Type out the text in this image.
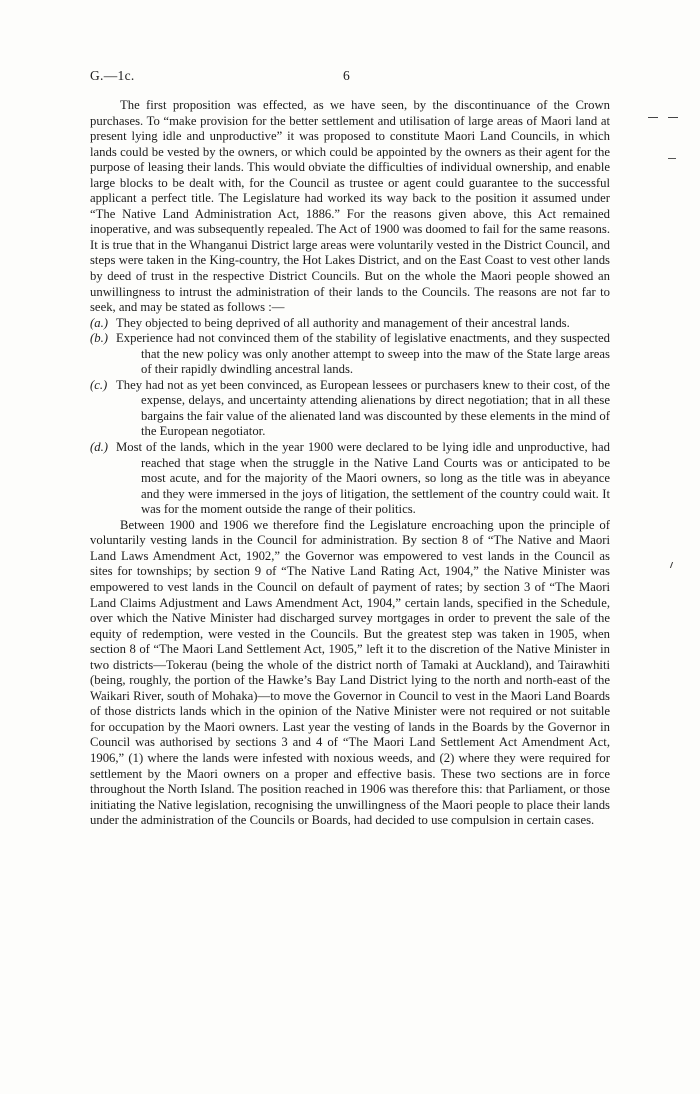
G.—1c.	6

The first proposition was effected, as we have seen, by the discontinuance of the Crown purchases. To “make provision for the better settlement and utilisation of large areas of Maori land at present lying idle and unproductive” it was proposed to constitute Maori Land Councils, in which lands could be vested by the owners, or which could be appointed by the owners as their agent for the purpose of leasing their lands. This would obviate the difficulties of individual ownership, and enable large blocks to be dealt with, for the Council as trustee or agent could guarantee to the successful applicant a perfect title. The Legislature had worked its way back to the position it assumed under “The Native Land Administration Act, 1886.” For the reasons given above, this Act remained inoperative, and was subsequently repealed. The Act of 1900 was doomed to fail for the same reasons. It is true that in the Whanganui District large areas were voluntarily vested in the District Council, and steps were taken in the King-country, the Hot Lakes District, and on the East Coast to vest other lands by deed of trust in the respective District Councils. But on the whole the Maori people showed an unwillingness to intrust the administration of their lands to the Councils. The reasons are not far to seek, and may be stated as follows :—

(a.) They objected to being deprived of all authority and management of their ancestral lands.

(b.) Experience had not convinced them of the stability of legislative enactments, and they suspected that the new policy was only another attempt to sweep into the maw of the State large areas of their rapidly dwindling ancestral lands.

(c.) They had not as yet been convinced, as European lessees or purchasers knew to their cost, of the expense, delays, and uncertainty attending alienations by direct negotiation; that in all these bargains the fair value of the alienated land was discounted by these elements in the mind of the European negotiator.

(d.) Most of the lands, which in the year 1900 were declared to be lying idle and unproductive, had reached that stage when the struggle in the Native Land Courts was or anticipated to be most acute, and for the majority of the Maori owners, so long as the title was in abeyance and they were immersed in the joys of litigation, the settlement of the country could wait. It was for the moment outside the range of their politics.

Between 1900 and 1906 we therefore find the Legislature encroaching upon the principle of voluntarily vesting lands in the Council for administration. By section 8 of “The Native and Maori Land Laws Amendment Act, 1902,” the Governor was empowered to vest lands in the Council as sites for townships; by section 9 of “The Native Land Rating Act, 1904,” the Native Minister was empowered to vest lands in the Council on default of payment of rates; by section 3 of “The Maori Land Claims Adjustment and Laws Amendment Act, 1904,” certain lands, specified in the Schedule, over which the Native Minister had discharged survey mortgages in order to prevent the sale of the equity of redemption, were vested in the Councils. But the greatest step was taken in 1905, when section 8 of “The Maori Land Settlement Act, 1905,” left it to the discretion of the Native Minister in two districts—Tokerau (being the whole of the district north of Tamaki at Auckland), and Tairawhiti (being, roughly, the portion of the Hawke’s Bay Land District lying to the north and north-east of the Waikari River, south of Mohaka)—to move the Governor in Council to vest in the Maori Land Boards of those districts lands which in the opinion of the Native Minister were not required or not suitable for occupation by the Maori owners. Last year the vesting of lands in the Boards by the Governor in Council was authorised by sections 3 and 4 of “The Maori Land Settlement Act Amendment Act, 1906,” (1) where the lands were infested with noxious weeds, and (2) where they were required for settlement by the Maori owners on a proper and effective basis. These two sections are in force throughout the North Island. The position reached in 1906 was therefore this: that Parliament, or those initiating the Native legislation, recognising the unwillingness of the Maori people to place their lands under the administration of the Councils or Boards, had decided to use compulsion in certain cases.
